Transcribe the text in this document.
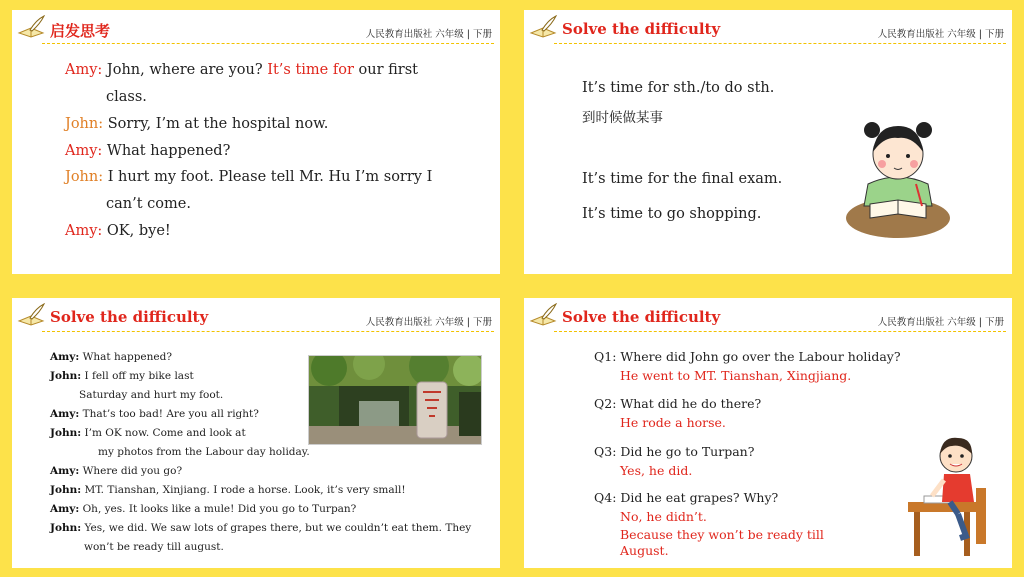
启发思考	人民教育出版社 六年级 | 下册
Amy: John, where are you? It’s time for our first
class.
John: Sorry, I’m at the hospital now.
Amy: What happened?
John: I hurt my foot. Please tell Mr. Hu I’m sorry I
can’t come.
Amy: OK, bye!
Solve the difficulty	人民教育出版社 六年级 | 下册
It’s time for sth./to do sth.
到时候做某事
It’s time for the final exam.
It’s time to go shopping.
Solve the difficulty	人民教育出版社 六年级 | 下册
Amy: What happened?
John: I fell off my bike last
Saturday and hurt my foot.
Amy: That’s too bad! Are you all right?
John: I’m OK now. Come and look at
my photos from the Labour day holiday.
Amy: Where did you go?
John: MT. Tianshan, Xinjiang. I rode a horse. Look, it’s very small!
Amy: Oh, yes. It looks like a mule! Did you go to Turpan?
John: Yes, we did. We saw lots of grapes there, but we couldn’t eat them. They
won’t be ready till august.
Solve the difficulty	人民教育出版社 六年级 | 下册
Q1: Where did John go over the Labour holiday?
He went to MT. Tianshan, Xingjiang.
Q2: What did he do there?
He rode a horse.
Q3: Did he go to Turpan?
Yes, he did.
Q4: Did he eat grapes? Why?
No, he didn’t.
Because they won’t be ready till
August.
